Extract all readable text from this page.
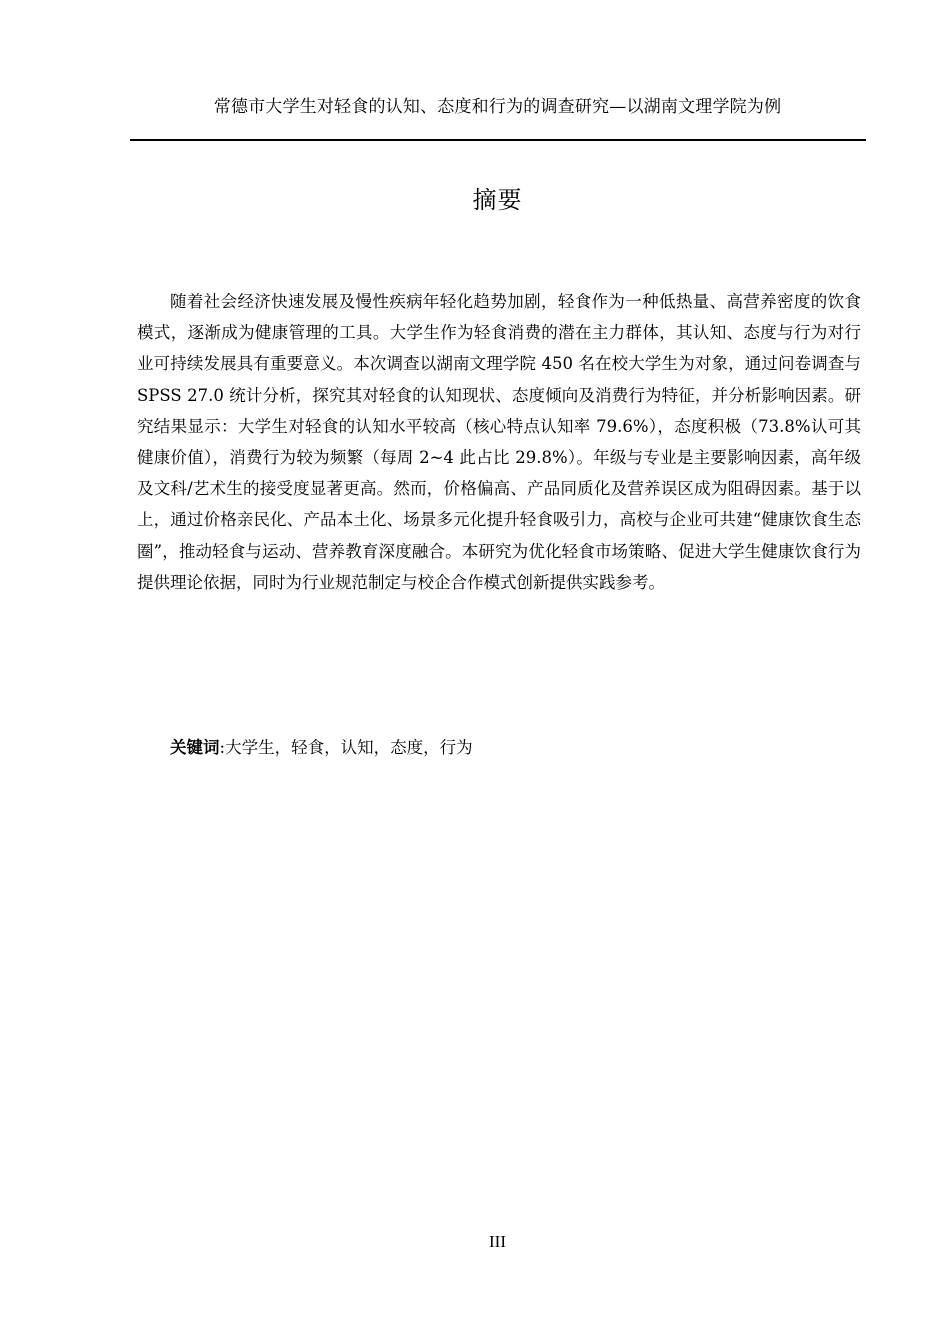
常德市大学生对轻食的认知、态度和行为的调查研究—以湖南文理学院为例
摘要

随着社会经济快速发展及慢性疾病年轻化趋势加剧，轻食作为一种低热量、高营养密度的饮食模式，逐渐成为健康管理的工具。大学生作为轻食消费的潜在主力群体，其认知、态度与行为对行业可持续发展具有重要意义。本次调查以湖南文理学院 450 名在校大学生为对象，通过问卷调查与 SPSS 27.0 统计分析，探究其对轻食的认知现状、态度倾向及消费行为特征，并分析影响因素。研究结果显示：大学生对轻食的认知水平较高（核心特点认知率 79.6%），态度积极（73.8%认可其健康价值），消费行为较为频繁（每周 2~4 此占比 29.8%）。年级与专业是主要影响因素，高年级及文科/艺术生的接受度显著更高。然而，价格偏高、产品同质化及营养误区成为阻碍因素。基于以上，通过价格亲民化、产品本土化、场景多元化提升轻食吸引力，高校与企业可共建“健康饮食生态圈”，推动轻食与运动、营养教育深度融合。本研究为优化轻食市场策略、促进大学生健康饮食行为提供理论依据，同时为行业规范制定与校企合作模式创新提供实践参考。

关键词:大学生，轻食，认知，态度，行为
III
